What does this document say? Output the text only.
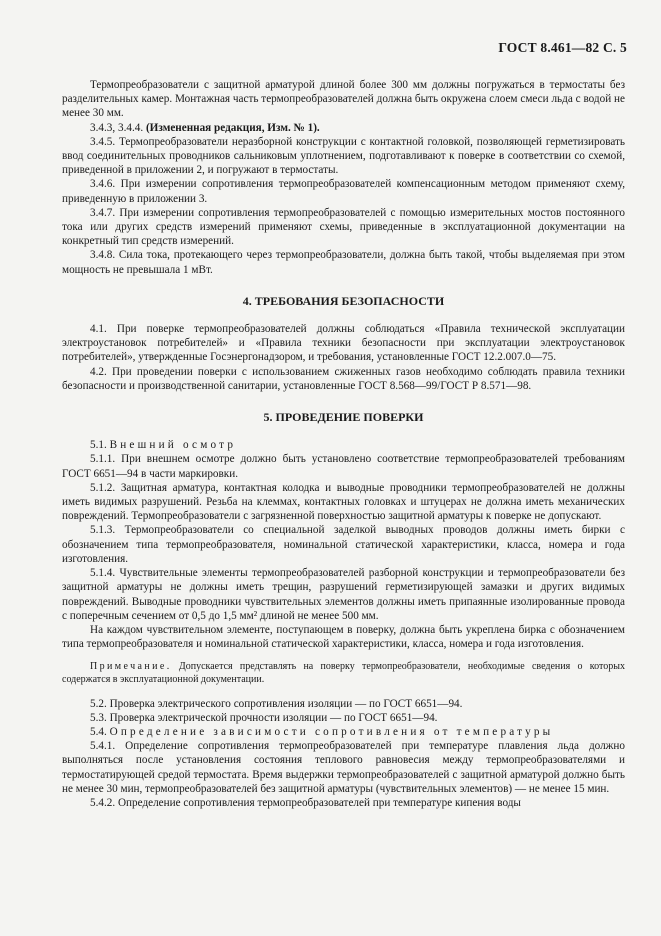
ГОСТ 8.461—82 С. 5

Термопреобразователи с защитной арматурой длиной более 300 мм должны погружаться в термостаты без разделительных камер. Монтажная часть термопреобразователей должна быть окружена слоем смеси льда с водой не менее 30 мм.

3.4.3, 3.4.4. (Измененная редакция, Изм. № 1).

3.4.5. Термопреобразователи неразборной конструкции с контактной головкой, позволяющей герметизировать ввод соединительных проводников сальниковым уплотнением, подготавливают к поверке в соответствии со схемой, приведенной в приложении 2, и погружают в термостаты.

3.4.6. При измерении сопротивления термопреобразователей компенсационным методом применяют схему, приведенную в приложении 3.

3.4.7. При измерении сопротивления термопреобразователей с помощью измерительных мостов постоянного тока или других средств измерений применяют схемы, приведенные в эксплуатационной документации на конкретный тип средств измерений.

3.4.8. Сила тока, протекающего через термопреобразователи, должна быть такой, чтобы выделяемая при этом мощность не превышала 1 мВт.

4. ТРЕБОВАНИЯ БЕЗОПАСНОСТИ

4.1. При поверке термопреобразователей должны соблюдаться «Правила технической эксплуатации электроустановок потребителей» и «Правила техники безопасности при эксплуатации электроустановок потребителей», утвержденные Госэнергонадзором, и требования, установленные ГОСТ 12.2.007.0—75.

4.2. При проведении поверки с использованием сжиженных газов необходимо соблюдать правила техники безопасности и производственной санитарии, установленные ГОСТ 8.568—99/ГОСТ Р 8.571—98.

5. ПРОВЕДЕНИЕ ПОВЕРКИ

5.1. Внешний осмотр

5.1.1. При внешнем осмотре должно быть установлено соответствие термопреобразователей требованиям ГОСТ 6651—94 в части маркировки.

5.1.2. Защитная арматура, контактная колодка и выводные проводники термопреобразователей не должны иметь видимых разрушений. Резьба на клеммах, контактных головках и штуцерах не должна иметь механических повреждений. Термопреобразователи с загрязненной поверхностью защитной арматуры к поверке не допускают.

5.1.3. Термопреобразователи со специальной заделкой выводных проводов должны иметь бирки с обозначением типа термопреобразователя, номинальной статической характеристики, класса, номера и года изготовления.

5.1.4. Чувствительные элементы термопреобразователей разборной конструкции и термопреобразователи без защитной арматуры не должны иметь трещин, разрушений герметизирующей замазки и других видимых повреждений. Выводные проводники чувствительных элементов должны иметь припаянные изолированные провода с поперечным сечением от 0,5 до 1,5 мм² длиной не менее 500 мм.

На каждом чувствительном элементе, поступающем в поверку, должна быть укреплена бирка с обозначением типа термопреобразователя и номинальной статической характеристики, класса, номера и года изготовления.

Примечание. Допускается представлять на поверку термопреобразователи, необходимые сведения о которых содержатся в эксплуатационной документации.

5.2. Проверка электрического сопротивления изоляции — по ГОСТ 6651—94.

5.3. Проверка электрической прочности изоляции — по ГОСТ 6651—94.

5.4. Определение зависимости сопротивления от температуры

5.4.1. Определение сопротивления термопреобразователей при температуре плавления льда должно выполняться после установления состояния теплового равновесия между термопреобразователями и термостатирующей средой термостата. Время выдержки термопреобразователей с защитной арматурой должно быть не менее 30 мин, термопреобразователей без защитной арматуры (чувствительных элементов) — не менее 15 мин.

5.4.2. Определение сопротивления термопреобразователей при температуре кипения воды
